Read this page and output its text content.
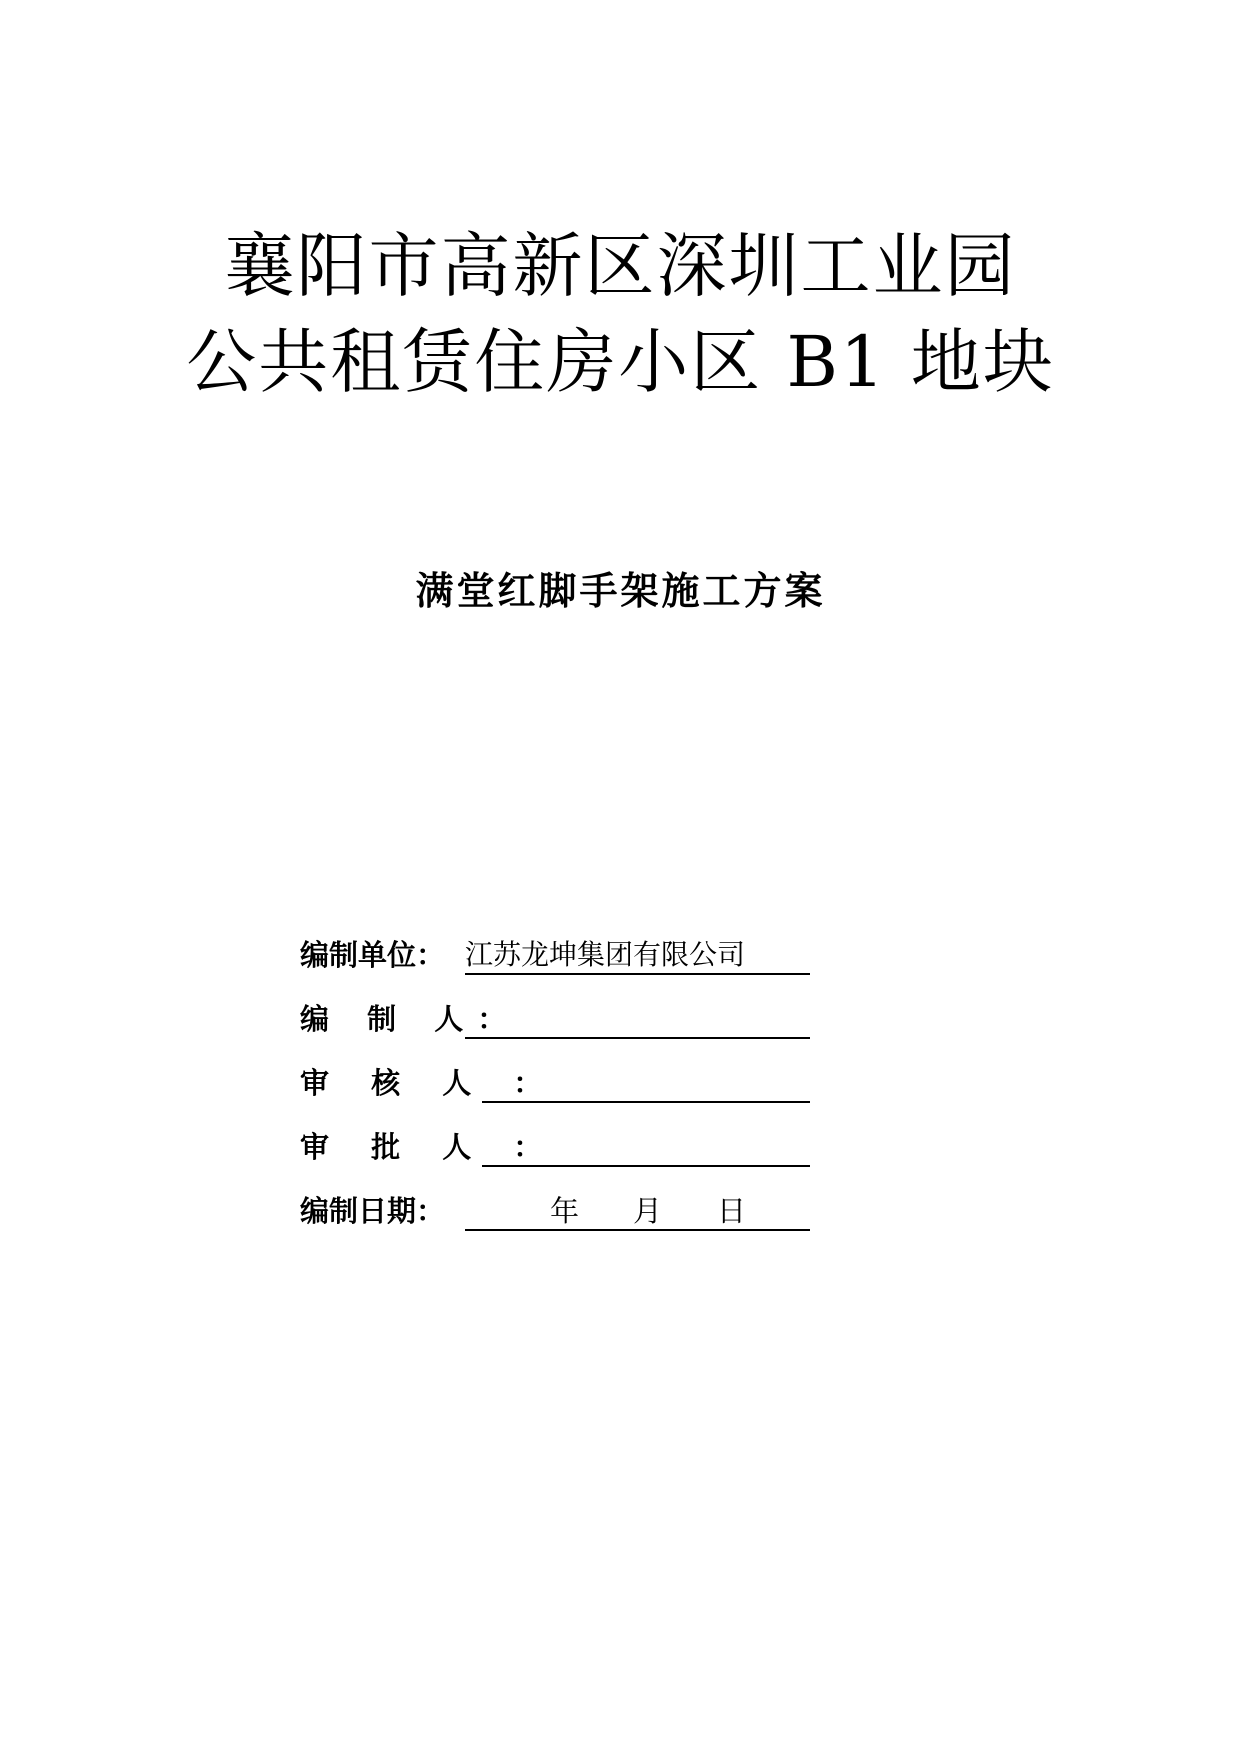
襄阳市高新区深圳工业园
公共租赁住房小区 B1 地块
满堂红脚手架施工方案
编制单位： 江苏龙坤集团有限公司
编 制 人：
审 核 人 ：
审 批 人 ：
编制日期：	年 月 日
